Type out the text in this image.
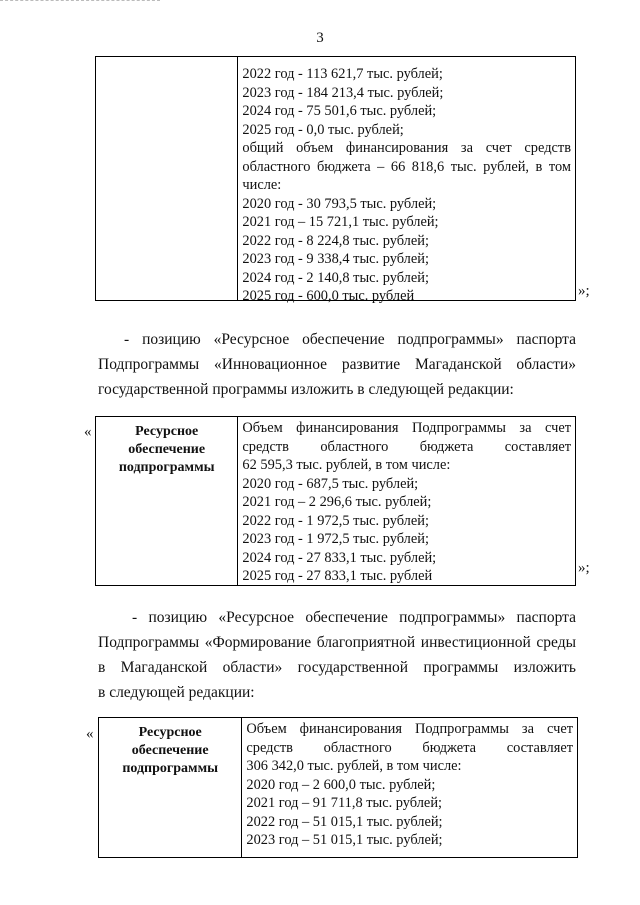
3
2022 год - 113 621,7 тыс. рублей;
2023 год - 184 213,4 тыс. рублей;
2024 год - 75 501,6 тыс. рублей;
2025 год - 0,0 тыс. рублей;
общий объем финансирования за счет средств
областного бюджета – 66 818,6 тыс. рублей, в том
числе:
2020 год - 30 793,5 тыс. рублей;
2021 год – 15 721,1 тыс. рублей;
2022 год - 8 224,8 тыс. рублей;
2023 год - 9 338,4 тыс. рублей;
2024 год - 2 140,8 тыс. рублей;
2025 год - 600,0 тыс. рублей	»;
- позицию «Ресурсное обеспечение подпрограммы» паспорта
Подпрограммы «Инновационное развитие Магаданской области»
государственной программы изложить в следующей редакции:
«	Ресурсное
обеспечение
подпрограммы
Объем финансирования Подпрограммы за счет
средств областного бюджета составляет
62 595,3 тыс. рублей, в том числе:
2020 год - 687,5 тыс. рублей;
2021 год – 2 296,6 тыс. рублей;
2022 год - 1 972,5 тыс. рублей;
2023 год - 1 972,5 тыс. рублей;
2024 год - 27 833,1 тыс. рублей;
2025 год - 27 833,1 тыс. рублей	»;
- позицию «Ресурсное обеспечение подпрограммы» паспорта
Подпрограммы «Формирование благоприятной инвестиционной среды
в Магаданской области» государственной программы изложить
в следующей редакции:
«	Ресурсное
обеспечение
подпрограммы
Объем финансирования Подпрограммы за счет
средств областного бюджета составляет
306 342,0 тыс. рублей, в том числе:
2020 год – 2 600,0 тыс. рублей;
2021 год – 91 711,8 тыс. рублей;
2022 год – 51 015,1 тыс. рублей;
2023 год – 51 015,1 тыс. рублей;
